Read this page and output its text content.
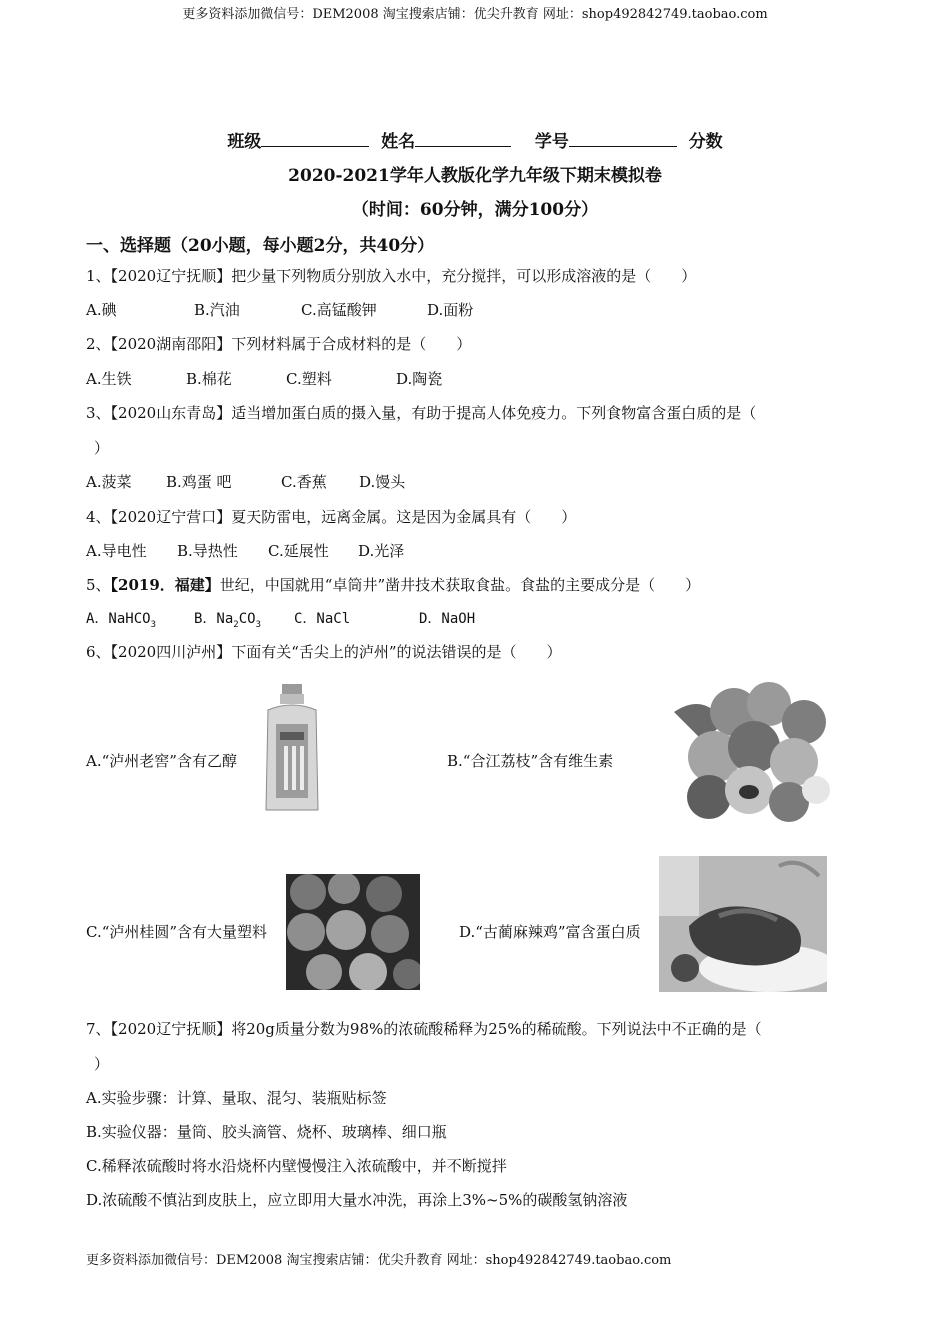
更多资料添加微信号：DEM2008 淘宝搜索店铺：优尖升教育 网址：shop492842749.taobao.com
班级	姓名	学号	分数
2020-2021学年人教版化学九年级下期末模拟卷
（时间：60分钟，满分100分）
一、选择题（20小题，每小题2分，共40分）
1、【2020辽宁抚顺】把少量下列物质分别放入水中，充分搅拌，可以形成溶液的是（　　）
A.碘	B.汽油	C.高锰酸钾	D.面粉
2、【2020湖南邵阳】下列材料属于合成材料的是（　　）
A.生铁	B.棉花	C.塑料	D.陶瓷
3、【2020山东青岛】适当增加蛋白质的摄入量，有助于提高人体免疫力。下列食物富含蛋白质的是（
）
A.菠菜 B.鸡蛋 吧	C.香蕉 D.馒头
4、【2020辽宁营口】夏天防雷电，远离金属。这是因为金属具有（　　）
A.导电性 B.导热性 C.延展性 D.光泽
5、【2019．福建】世纪，中国就用“卓筒井”凿井技术获取食盐。食盐的主要成分是（　　）
A．NaHCO$_3$	B．$Na_2CO_3$ C．NaCl	D．NaOH
6、【2020四川泸州】下面有关“舌尖上的泸州”的说法错误的是（　　）
A.“泸州老窖”含有乙醇	B.“合江荔枝”含有维生素
C.“泸州桂圆”含有大量塑料	D.“古蔺麻辣鸡”富含蛋白质
7、【2020辽宁抚顺】将20g质量分数为98%的浓硫酸稀释为25%的稀硫酸。下列说法中不正确的是（
）
A.实验步骤：计算、量取、混匀、装瓶贴标签
B.实验仪器：量筒、胶头滴管、烧杯、玻璃棒、细口瓶
C.稀释浓硫酸时将水沿烧杯内壁慢慢注入浓硫酸中，并不断搅拌
D.浓硫酸不慎沾到皮肤上，应立即用大量水冲洗，再涂上3%~5%的碳酸氢钠溶液
更多资料添加微信号：DEM2008 淘宝搜索店铺：优尖升教育 网址：shop492842749.taobao.com
